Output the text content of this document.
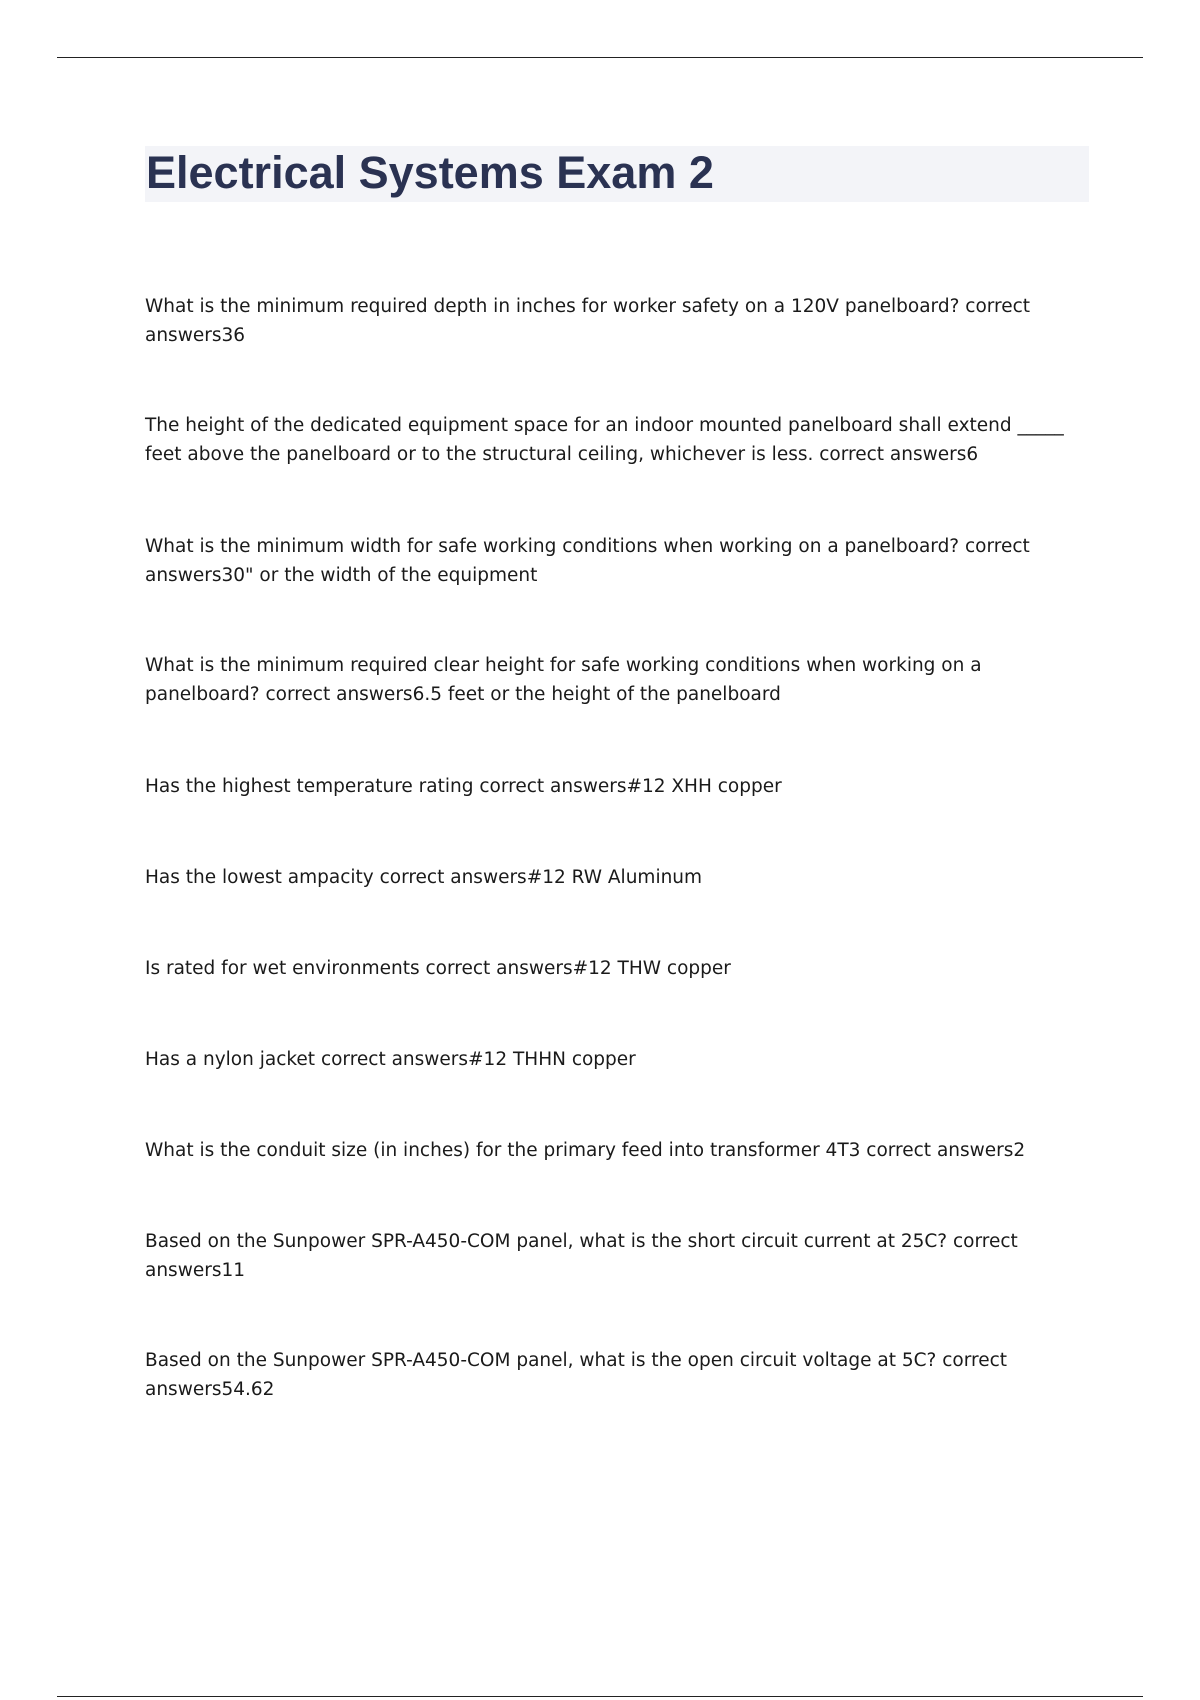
Electrical Systems Exam 2

What is the minimum required depth in inches for worker safety on a 120V panelboard? correct answers36

The height of the dedicated equipment space for an indoor mounted panelboard shall extend _____ feet above the panelboard or to the structural ceiling, whichever is less. correct answers6

What is the minimum width for safe working conditions when working on a panelboard? correct answers30" or the width of the equipment

What is the minimum required clear height for safe working conditions when working on a panelboard? correct answers6.5 feet or the height of the panelboard

Has the highest temperature rating correct answers#12 XHH copper

Has the lowest ampacity correct answers#12 RW Aluminum

Is rated for wet environments correct answers#12 THW copper

Has a nylon jacket correct answers#12 THHN copper

What is the conduit size (in inches) for the primary feed into transformer 4T3 correct answers2

Based on the Sunpower SPR-A450-COM panel, what is the short circuit current at 25C? correct answers11

Based on the Sunpower SPR-A450-COM panel, what is the open circuit voltage at 5C? correct answers54.62
